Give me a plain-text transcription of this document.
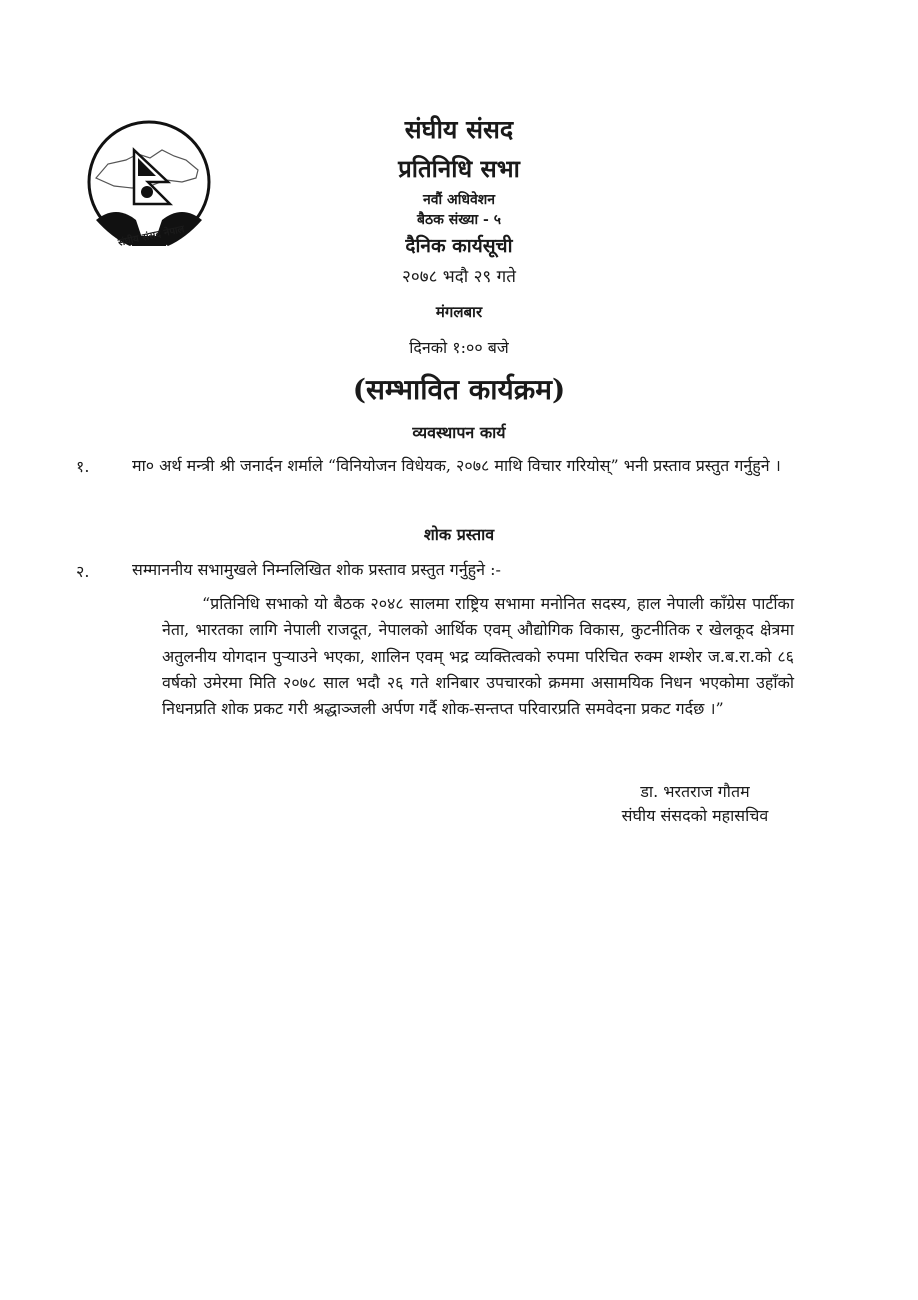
संघीय संसद नेपाल
संघीय संसद
प्रतिनिधि सभा
नवौं अधिवेशन
बैठक संख्या - ५
दैनिक कार्यसूची
२०७८ भदौ २९ गते
मंगलबार
दिनको १:०० बजे
(सम्भावित कार्यक्रम)
व्यवस्थापन कार्य
१.	मा० अर्थ मन्त्री श्री जनार्दन शर्माले “विनियोजन विधेयक, २०७८ माथि विचार गरियोस्” भनी प्रस्ताव प्रस्तुत गर्नुहुने ।
शोक प्रस्ताव
२.	सम्माननीय सभामुखले निम्नलिखित शोक प्रस्ताव प्रस्तुत गर्नुहुने :-
“प्रतिनिधि सभाको यो बैठक २०४८ सालमा राष्ट्रिय सभामा मनोनित सदस्य, हाल नेपाली काँग्रेस पार्टीका नेता, भारतका लागि नेपाली राजदूत, नेपालको आर्थिक एवम् औद्योगिक विकास, कुटनीतिक र खेलकूद क्षेत्रमा अतुलनीय योगदान पुर्‍याउने भएका, शालिन एवम् भद्र व्यक्तित्वको रुपमा परिचित रुक्म शम्शेर ज.ब.रा.को ८६ वर्षको उमेरमा मिति २०७८ साल भदौ २६ गते शनिबार उपचारको क्रममा असामयिक निधन भएकोमा उहाँको निधनप्रति शोक प्रकट गरी श्रद्धाञ्जली अर्पण गर्दै शोक-सन्तप्त परिवारप्रति समवेदना प्रकट गर्दछ ।”
डा. भरतराज गौतम
संघीय संसदको महासचिव
